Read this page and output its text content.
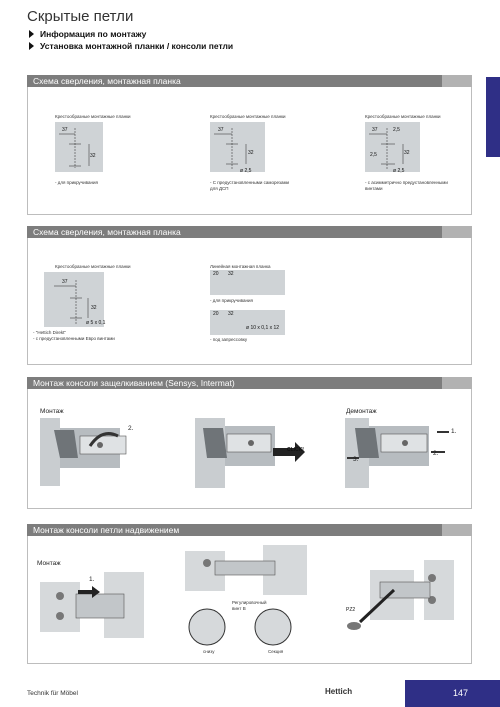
Скрытые петли
Информация по монтажу
Установка монтажной планки / консоли петли
Схема сверления, монтажная планка
Крестообразные монтажные планки
37
32
- для прикручивания
Крестообразные монтажные планки
37
32
ø 2,5
- С предустановленными саморезами для ДСП
Крестообразные монтажные планки
37	2,5
32
2,5
ø 2,5
- с асимметрично предустановленными винтами
Схема сверления, монтажная планка
Крестообразные монтажные планки
37
32
ø 5 x 0,1
- "Hettich Direkt"
- с предустановленными Евро винтами
Линейная монтажная планка
20 32
- для прикручивания
20 32
ø 10 x 0,1 x 12
- под запрессовку
Монтаж консоли защелкиванием (Sensys, Intermat)
Монтаж	Демонтаж
2.
CLICK!
1.
2.
3.
Монтаж консоли петли надвижением
Монтаж
1.
Регулировочный винт B
снизу	Секция
PZ2
Technik für Möbel	Hettich	147
